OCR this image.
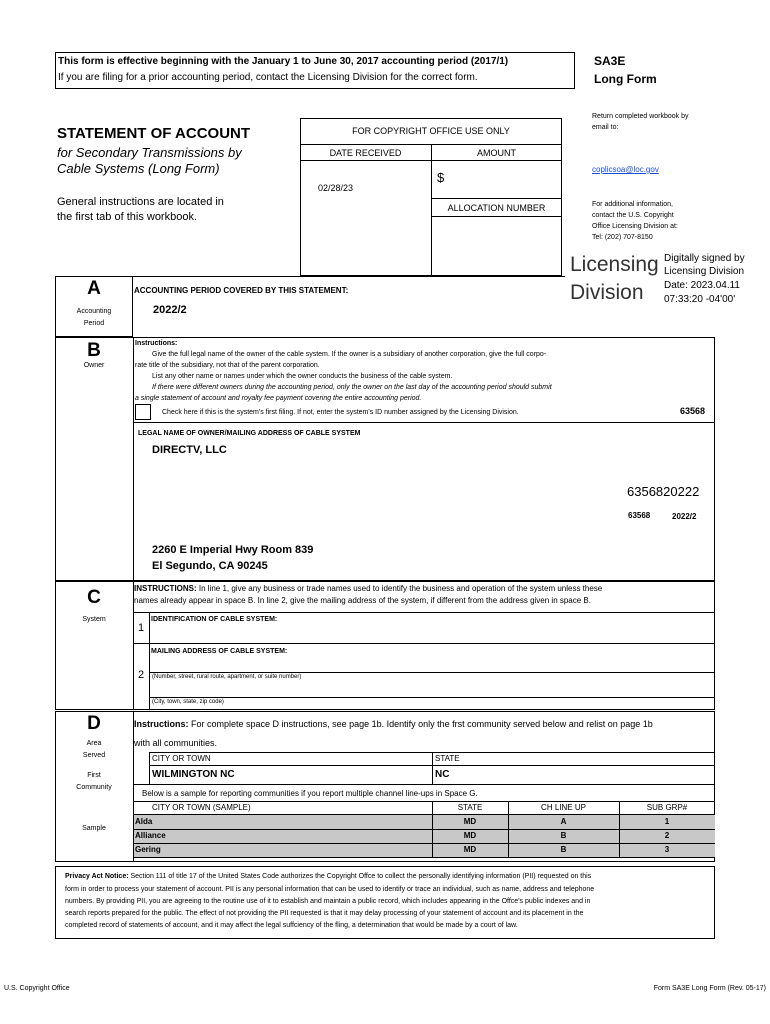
This form is effective beginning with the January 1 to June 30, 2017 accounting period (2017/1)
If you are filing for a prior accounting period, contact the Licensing Division for the correct form.
SA3E
Long Form
STATEMENT OF ACCOUNT
for Secondary Transmissions by
Cable Systems (Long Form)
General instructions are located in
the first tab of this workbook.
FOR COPYRIGHT OFFICE USE ONLY
DATE RECEIVED	AMOUNT
02/28/23
$
ALLOCATION NUMBER
Return completed workbook by
email to:
coplicsoa@loc.gov
For additional information,
contact the U.S. Copyright
Office Licensing Division at:
Tel: (202) 707-8150
Licensing
Division
Digitally signed by
Licensing Division
Date: 2023.04.11
07:33:20 -04'00'
A
Accounting
Period
ACCOUNTING PERIOD COVERED BY THIS STATEMENT:
2022/2
B
Owner
Instructions:
Give the full legal name of the owner of the cable system. If the owner is a subsidiary of another corporation, give the full corpo-
rate title of the subsidiary, not that of the parent corporation.
List any other name or names under which the owner conducts the business of the cable system.
If there were different owners during the accounting period, only the owner on the last day of the accounting period should submit
a single statement of account and royalty fee payment covering the entire accounting period.
Check here if this is the system's first filing. If not, enter the system's ID number assigned by the Licensing Division.	63568
LEGAL NAME OF OWNER/MAILING ADDRESS OF CABLE SYSTEM
DIRECTV, LLC
6356820222
63568	2022/2
2260 E Imperial Hwy Room 839
El Segundo, CA 90245
C
System
INSTRUCTIONS: In line 1, give any business or trade names used to identify the business and operation of the system unless these
names already appear in space B. In line 2, give the mailing address of the system, if different from the address given in space B.
1
IDENTIFICATION OF CABLE SYSTEM:
MAILING ADDRESS OF CABLE SYSTEM:
2 (Number, street, rural route, apartment, or suite number)
(City, town, state, zip code)
D
Area
Served
First
Community
Sample
Instructions: For complete space D instructions, see page 1b. Identify only the frst community served below and relist on page 1b
with all communities.
CITY OR TOWN	STATE
WILMINGTON NC	NC
Below is a sample for reporting communities if you report multiple channel line-ups in Space G.
CITY OR TOWN (SAMPLE)	STATE	CH LINE UP	SUB GRP#
Alda	MD	A	1
Alliance	MD	B	2
Gering	MD	B	3
Privacy Act Notice: Section 111 of title 17 of the United States Code authorizes the Copyright Offce to collect the personally identifying information (PII) requested on this
form in order to process your statement of account. PII is any personal information that can be used to identify or trace an individual, such as name, address and telephone
numbers. By providing PII, you are agreeing to the routine use of it to establish and maintain a public record, which includes appearing in the Offce's public indexes and in
search reports prepared for the public. The effect of not providing the PII requested is that it may delay processing of your statement of account and its placement in the
completed record of statements of account, and it may affect the legal suffciency of the fling, a determination that would be made by a court of law.
U.S. Copyright Office	Form SA3E Long Form (Rev. 05-17)
